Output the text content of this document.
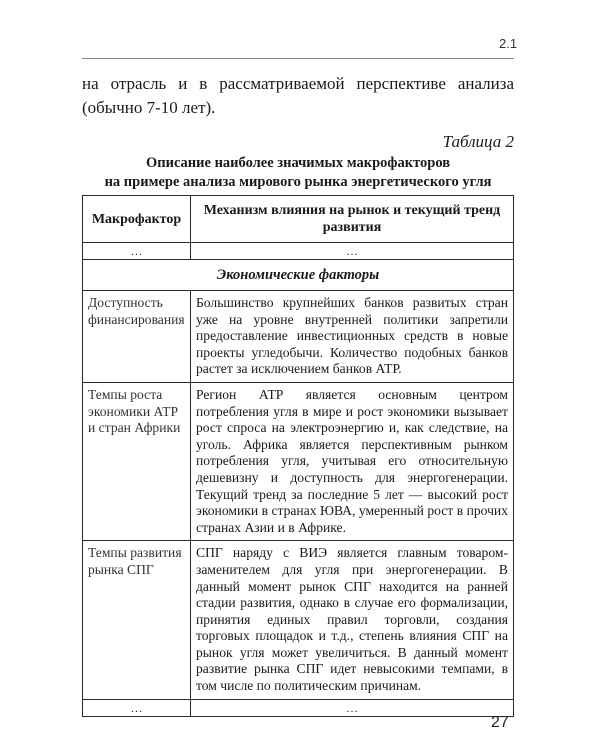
2.1
на отрасль и в рассматриваемой перспективе анализа (обычно 7-10 лет).
Таблица 2
Описание наиболее значимых макрофакторов
на примере анализа мирового рынка энергетического угля
Макрофактор	Механизм влияния на рынок и текущий тренд развития
…	…
Экономические факторы	
Доступность финансирования	Большинство крупнейших банков развитых стран уже на уровне внутренней политики запретили предоставление инвестиционных средств в новые проекты угледобычи. Количество подобных банков растет за исключением банков АТР.
Темпы роста экономики АТР и стран Африки	Регион АТР является основным центром потребления угля в мире и рост экономики вызывает рост спроса на электроэнергию и, как следствие, на уголь. Африка является перспективным рынком потребления угля, учитывая его относительную дешевизну и доступность для энергогенерации. Текущий тренд за последние 5 лет — высокий рост экономики в странах ЮВА, умеренный рост в прочих странах Азии и в Африке.
Темпы развития рынка СПГ	СПГ наряду с ВИЭ является главным товаром-заменителем для угля при энергогенерации. В данный момент рынок СПГ находится на ранней стадии развития, однако в случае его формализации, принятия единых правил торговли, создания торговых площадок и т.д., степень влияния СПГ на рынок угля может увеличиться. В данный момент развитие рынка СПГ идет невысокими темпами, в том числе по политическим причинам.
…	…
27
